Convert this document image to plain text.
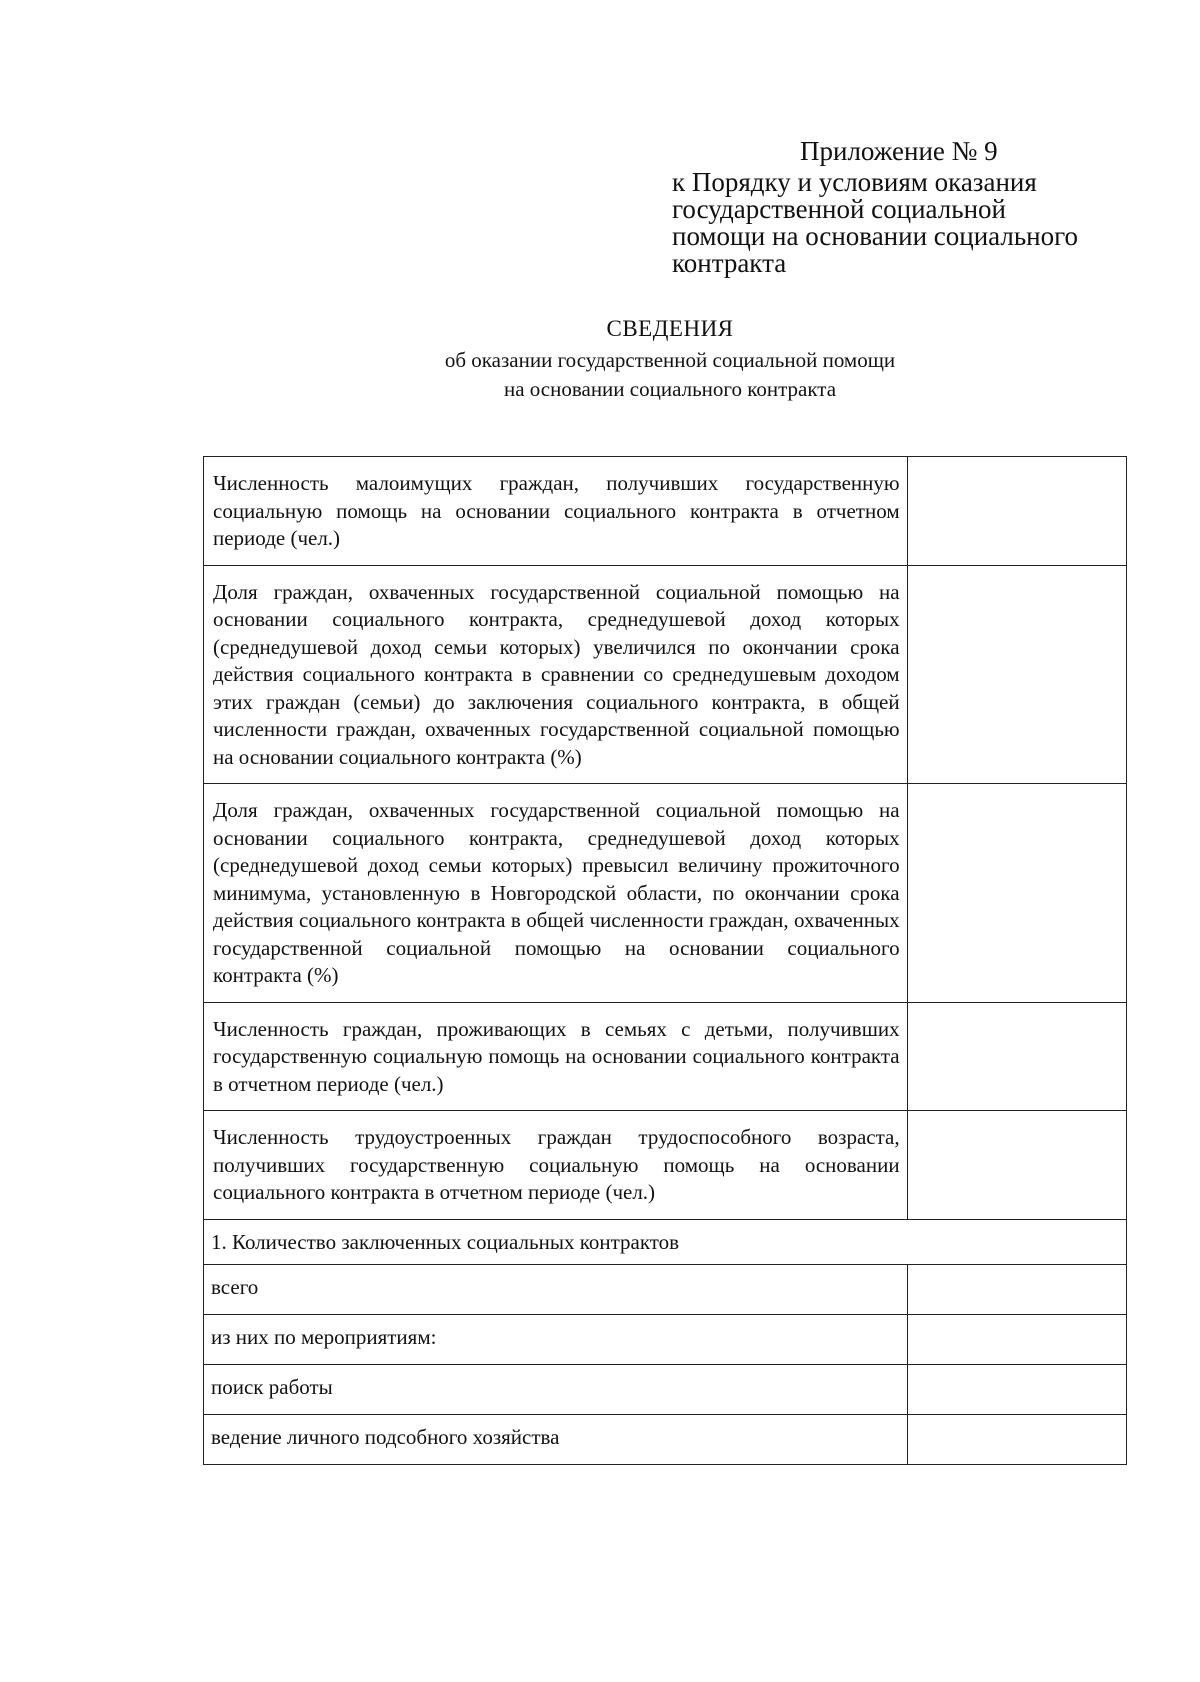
Приложение № 9
к Порядку и условиям оказания
государственной социальной
помощи на основании социального
контракта
СВЕДЕНИЯ
об оказании государственной социальной помощи
на основании социального контракта
Численность малоимущих граждан, получивших государственную социальную помощь на основании социального контракта в отчетном периоде (чел.)	
Доля граждан, охваченных государственной социальной помощью на основании социального контракта, среднедушевой доход которых (среднедушевой доход семьи которых) увеличился по окончании срока действия социального контракта в сравнении со среднедушевым доходом этих граждан (семьи) до заключения социального контракта, в общей численности граждан, охваченных государственной социальной помощью на основании социального контракта (%)	
Доля граждан, охваченных государственной социальной помощью на основании социального контракта, среднедушевой доход которых (среднедушевой доход семьи которых) превысил величину прожиточного минимума, установленную в Новгородской области, по окончании срока действия социального контракта в общей численности граждан, охваченных государственной социальной помощью на основании социального контракта (%)	
Численность граждан, проживающих в семьях с детьми, получивших государственную социальную помощь на основании социального контракта в отчетном периоде (чел.)	
Численность трудоустроенных граждан трудоспособного возраста, получивших государственную социальную помощь на основании социального контракта в отчетном периоде (чел.)	
1. Количество заключенных социальных контрактов	
всего	
из них по мероприятиям:	
поиск работы	
ведение личного подсобного хозяйства	
